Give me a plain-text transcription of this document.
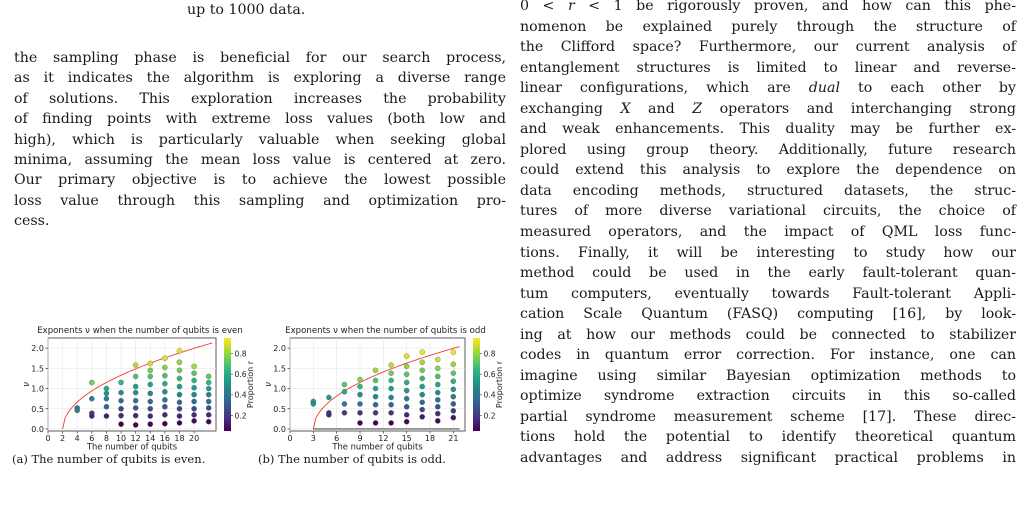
up to 1000 data.
the sampling phase is beneficial for our search process,
as it indicates the algorithm is exploring a diverse range
of solutions. This exploration increases the probability
of finding points with extreme loss values (both low and
high), which is particularly valuable when seeking global
minima, assuming the mean loss value is centered at zero.
Our primary objective is to achieve the lowest possible
loss value through this sampling and optimization pro-
cess.
Exponents ν when the number of qubits is even
0 2 4 6 8 10 12 14 16 18 20
0.0
0.5
1.0
1.5
2.0
The number of qubits
ν
0.2
0.4
0.6
0.8
Proportion r
Exponents ν when the number of qubits is odd
0 3 6 9 12 15 18 21
0.0
0.5
1.0
1.5
2.0
The number of qubits
ν
0.2
0.4
0.6
0.8
Proportion r
(a) The number of qubits is even.	(b) The number of qubits is odd.
0 < r < 1 be rigorously proven, and how can this phe-
nomenon be explained purely through the structure of
the Clifford space? Furthermore, our current analysis of
entanglement structures is limited to linear and reverse-
linear configurations, which are dual to each other by
exchanging X and Z operators and interchanging strong
and weak enhancements. This duality may be further ex-
plored using group theory. Additionally, future research
could extend this analysis to explore the dependence on
data encoding methods, structured datasets, the struc-
tures of more diverse variational circuits, the choice of
measured operators, and the impact of QML loss func-
tions. Finally, it will be interesting to study how our
method could be used in the early fault-tolerant quan-
tum computers, eventually towards Fault-tolerant Appli-
cation Scale Quantum (FASQ) computing [16], by look-
ing at how our methods could be connected to stabilizer
codes in quantum error correction. For instance, one can
imagine using similar Bayesian optimization methods to
optimize syndrome extraction circuits in this so-called
partial syndrome measurement scheme [17]. These direc-
tions hold the potential to identify theoretical quantum
advantages and address significant practical problems in
